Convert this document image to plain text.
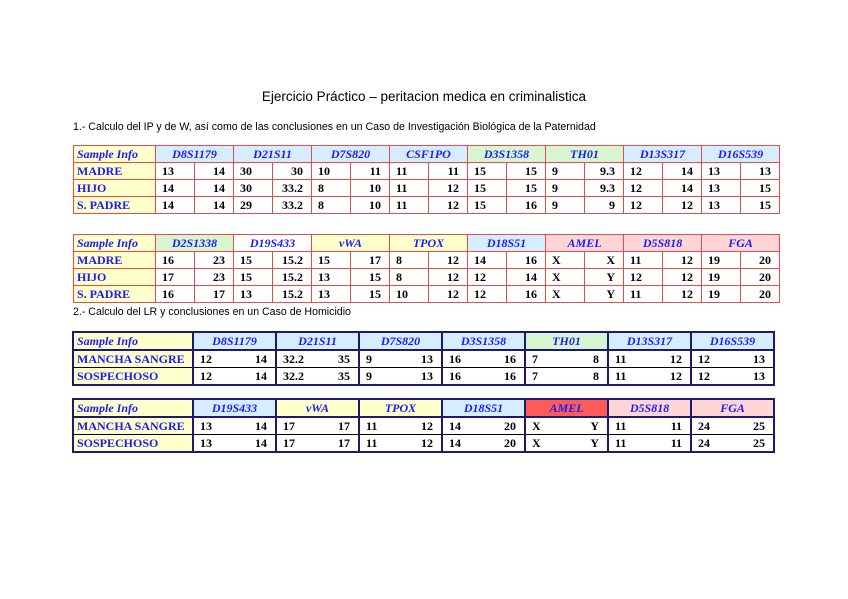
Ejercicio Práctico – peritacion medica en criminalistica
1.- Calculo del IP y de W, así como de las conclusiones en un Caso de Investigación Biológica de la Paternidad
Sample Info	D8S1179		D21S11		D7S820		CSF1PO		D3S1358		TH01		D13S317		D16S539	
MADRE	13	14	30	30	10	11	11	11	15	15	9	9.3	12	14	13	13
HIJO	14	14	30	33.2	8	10	11	12	15	15	9	9.3	12	14	13	15
S. PADRE	14	14	29	33.2	8	10	11	12	15	16	9	9	12	12	13	15
Sample Info	D2S1338		D19S433		vWA		TPOX		D18S51		AMEL		D5S818		FGA	
MADRE	16	23	15	15.2	15	17	8	12	14	16	X	X	11	12	19	20
HIJO	17	23	15	15.2	13	15	8	12	12	14	X	Y	12	12	19	20
S. PADRE	16	17	13	15.2	13	15	10	12	12	16	X	Y	11	12	19	20
2.- Calculo del LR y conclusiones en un Caso de Homicidio
Sample Info	D8S1179		D21S11		D7S820		D3S1358		TH01		D13S317		D16S539	
MANCHA SANGRE	12	14	32.2	35	9	13	16	16	7	8	11	12	12	13
SOSPECHOSO	12	14	32.2	35	9	13	16	16	7	8	11	12	12	13
Sample Info	D19S433		vWA		TPOX		D18S51		AMEL		D5S818		FGA	
MANCHA SANGRE	13	14	17	17	11	12	14	20	X	Y	11	11	24	25
SOSPECHOSO	13	14	17	17	11	12	14	20	X	Y	11	11	24	25
